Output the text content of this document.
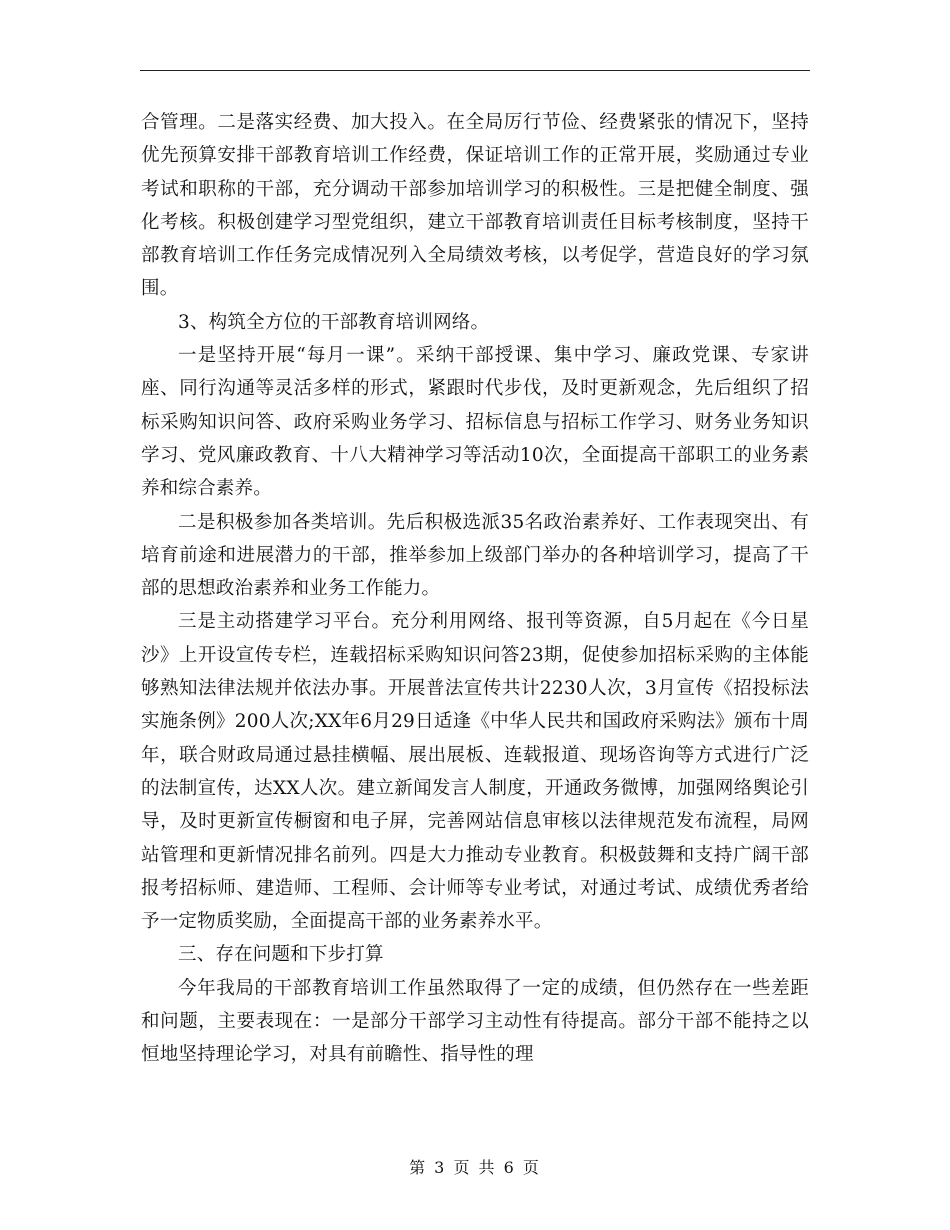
合管理。二是落实经费、加大投入。在全局厉行节俭、经费紧张的情况下，坚持优先预算安排干部教育培训工作经费，保证培训工作的正常开展，奖励通过专业考试和职称的干部，充分调动干部参加培训学习的积极性。三是把健全制度、强化考核。积极创建学习型党组织，建立干部教育培训责任目标考核制度，坚持干部教育培训工作任务完成情况列入全局绩效考核，以考促学，营造良好的学习氛围。

3、构筑全方位的干部教育培训网络。

一是坚持开展“每月一课”。采纳干部授课、集中学习、廉政党课、专家讲座、同行沟通等灵活多样的形式，紧跟时代步伐，及时更新观念，先后组织了招标采购知识问答、政府采购业务学习、招标信息与招标工作学习、财务业务知识学习、党风廉政教育、十八大精神学习等活动10次，全面提高干部职工的业务素养和综合素养。

二是积极参加各类培训。先后积极选派35名政治素养好、工作表现突出、有培育前途和进展潜力的干部，推举参加上级部门举办的各种培训学习，提高了干部的思想政治素养和业务工作能力。

三是主动搭建学习平台。充分利用网络、报刊等资源，自5月起在《今日星沙》上开设宣传专栏，连载招标采购知识问答23期，促使参加招标采购的主体能够熟知法律法规并依法办事。开展普法宣传共计2230人次，3月宣传《招投标法实施条例》200人次;XX年6月29日适逢《中华人民共和国政府采购法》颁布十周年，联合财政局通过悬挂横幅、展出展板、连载报道、现场咨询等方式进行广泛的法制宣传，达XX人次。建立新闻发言人制度，开通政务微博，加强网络舆论引导，及时更新宣传橱窗和电子屏，完善网站信息审核以法律规范发布流程，局网站管理和更新情况排名前列。四是大力推动专业教育。积极鼓舞和支持广阔干部报考招标师、建造师、工程师、会计师等专业考试，对通过考试、成绩优秀者给予一定物质奖励，全面提高干部的业务素养水平。

三、存在问题和下步打算

今年我局的干部教育培训工作虽然取得了一定的成绩，但仍然存在一些差距和问题，主要表现在：一是部分干部学习主动性有待提高。部分干部不能持之以恒地坚持理论学习，对具有前瞻性、指导性的理

第 3 页 共 6 页
